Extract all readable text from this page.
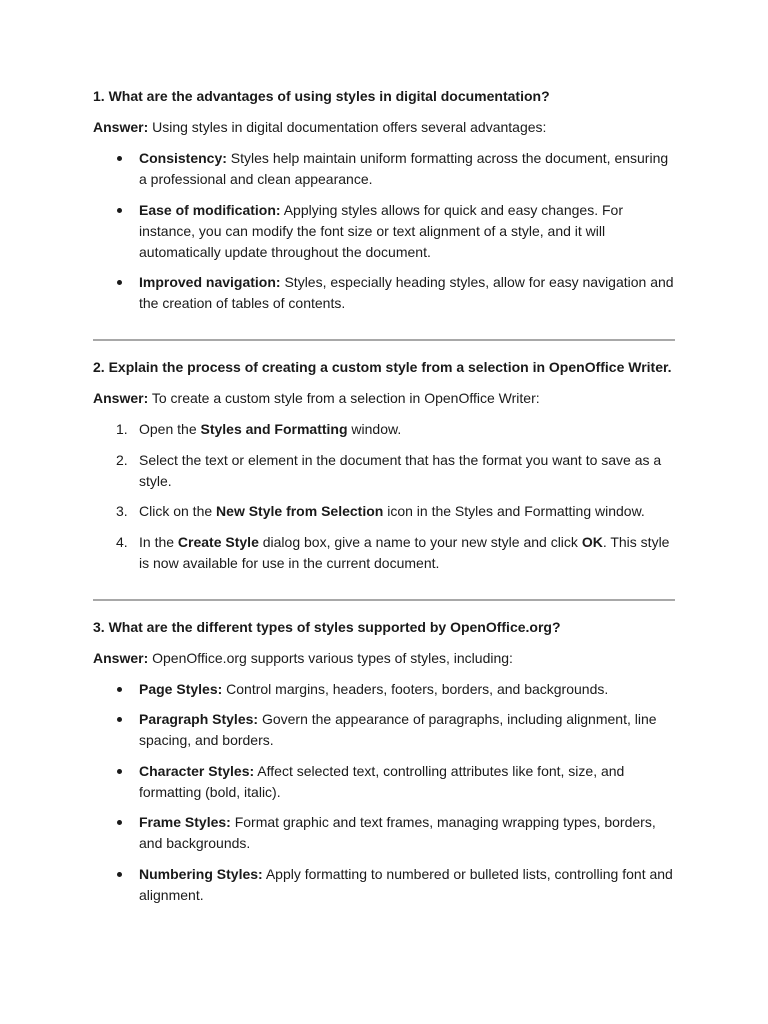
1. What are the advantages of using styles in digital documentation?

Answer: Using styles in digital documentation offers several advantages:

Consistency: Styles help maintain uniform formatting across the document, ensuring a professional and clean appearance.
Ease of modification: Applying styles allows for quick and easy changes. For instance, you can modify the font size or text alignment of a style, and it will automatically update throughout the document.
Improved navigation: Styles, especially heading styles, allow for easy navigation and the creation of tables of contents.

2. Explain the process of creating a custom style from a selection in OpenOffice Writer.

Answer: To create a custom style from a selection in OpenOffice Writer:

1. Open the Styles and Formatting window.
2. Select the text or element in the document that has the format you want to save as a style.
3. Click on the New Style from Selection icon in the Styles and Formatting window.
4. In the Create Style dialog box, give a name to your new style and click OK. This style is now available for use in the current document.

3. What are the different types of styles supported by OpenOffice.org?

Answer: OpenOffice.org supports various types of styles, including:

Page Styles: Control margins, headers, footers, borders, and backgrounds.
Paragraph Styles: Govern the appearance of paragraphs, including alignment, line spacing, and borders.
Character Styles: Affect selected text, controlling attributes like font, size, and formatting (bold, italic).
Frame Styles: Format graphic and text frames, managing wrapping types, borders, and backgrounds.
Numbering Styles: Apply formatting to numbered or bulleted lists, controlling font and alignment.
